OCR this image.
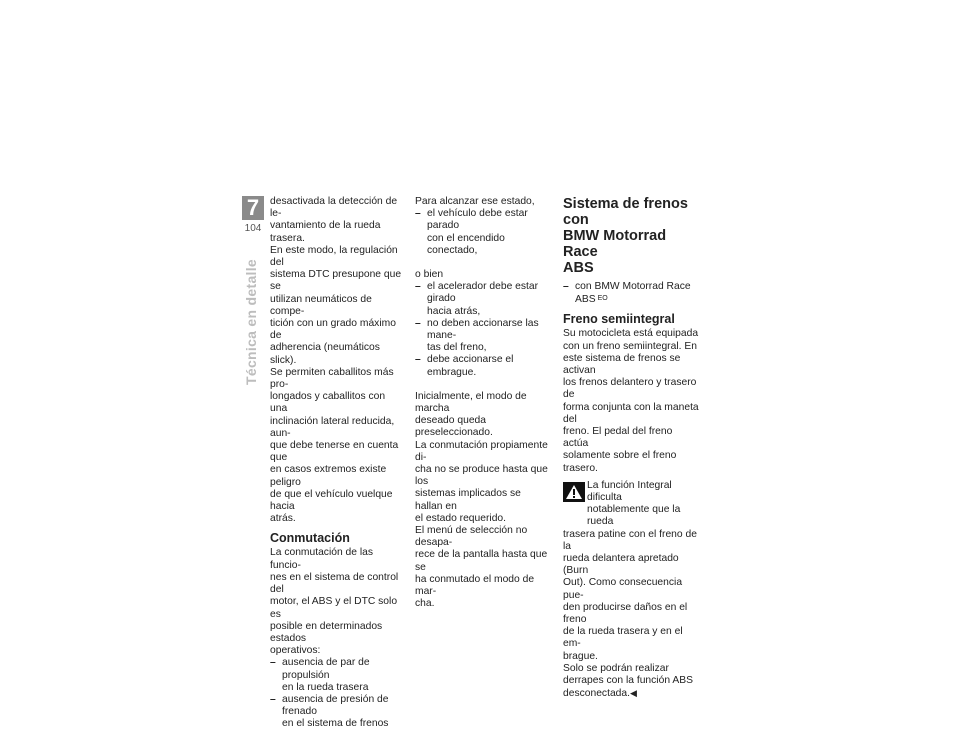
7
104
Técnica en detalle

desactivada la detección de le-

vantamiento de la rueda trasera.

En este modo, la regulación del

sistema DTC presupone que se

utilizan neumáticos de compe-

tición con un grado máximo de

adherencia (neumáticos slick).

Se permiten caballitos más pro-

longados y caballitos con una

inclinación lateral reducida, aun-

que debe tenerse en cuenta que

en casos extremos existe peligro

de que el vehículo vuelque hacia

atrás.

Conmutación

La conmutación de las funcio-

nes en el sistema de control del

motor, el ABS y el DTC solo es

posible en determinados estados

operativos:

– ausencia de par de propulsión
en la rueda trasera
– ausencia de presión de frenado
en el sistema de frenos

Para alcanzar ese estado,

– el vehículo debe estar parado
con el encendido conectado,

o bien

– el acelerador debe estar girado
hacia atrás,
– no deben accionarse las mane-
tas del freno,
– debe accionarse el embrague.

Inicialmente, el modo de marcha

deseado queda preseleccionado.

La conmutación propiamente di-

cha no se produce hasta que los

sistemas implicados se hallan en

el estado requerido.

El menú de selección no desapa-

rece de la pantalla hasta que se

ha conmutado el modo de mar-

cha.

Sistema de frenos con
BMW Motorrad Race
ABS
– con BMW Motorrad Race
ABS EO
Freno semiintegral

Su motocicleta está equipada

con un freno semiintegral. En

este sistema de frenos se activan

los frenos delantero y trasero de

forma conjunta con la maneta del

freno. El pedal del freno actúa

solamente sobre el freno trasero.

La función Integral dificulta

notablemente que la rueda

trasera patine con el freno de la

rueda delantera apretado (Burn

Out). Como consecuencia pue-

den producirse daños en el freno

de la rueda trasera y en el em-

brague.

Solo se podrán realizar

derrapes con la función ABS

desconectada.◀
